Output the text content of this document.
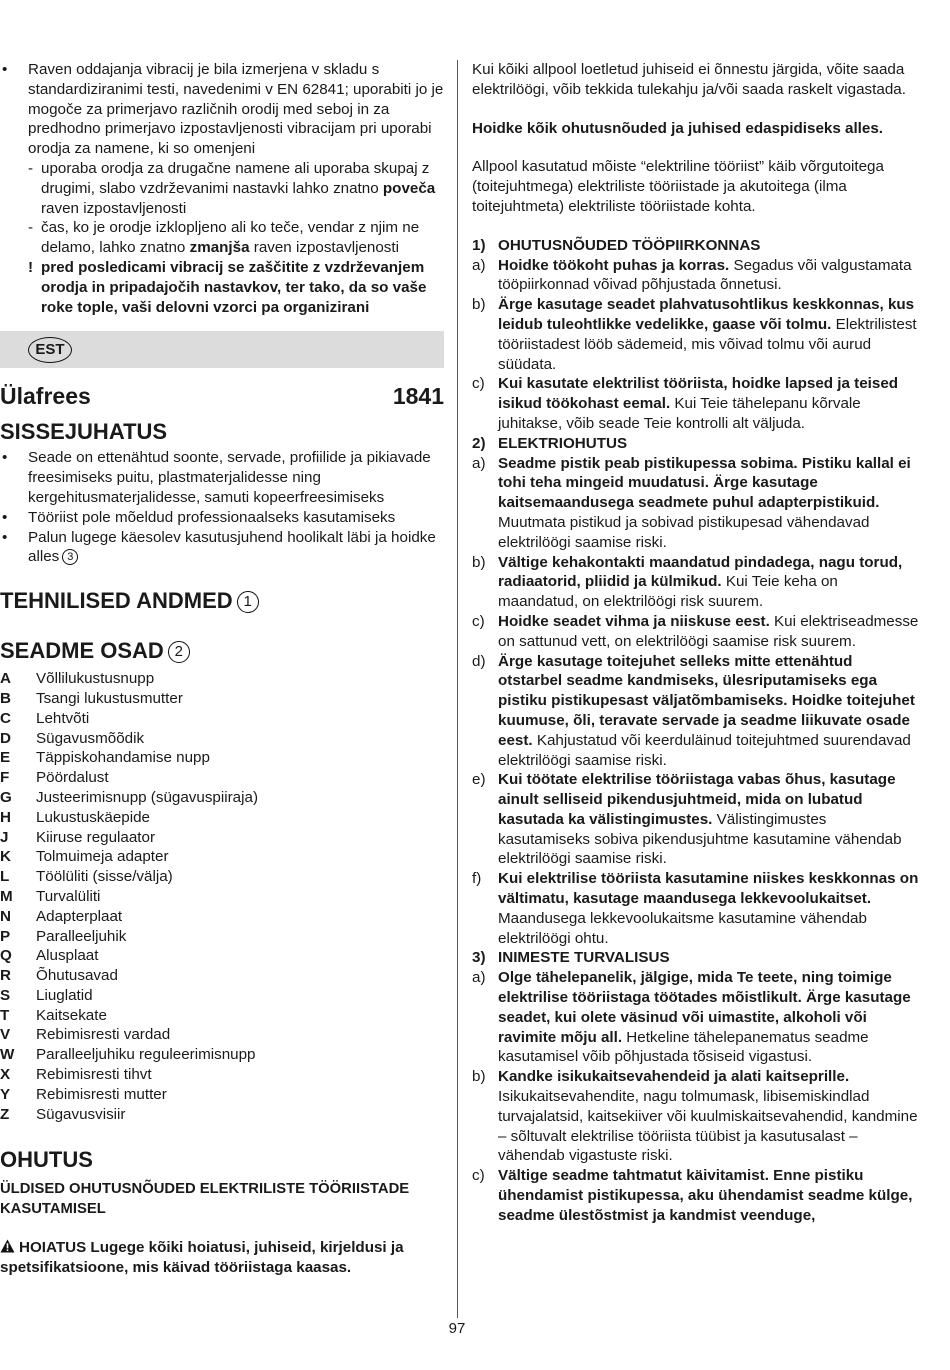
• Raven oddajanja vibracij je bila izmerjena v skladu s standardiziranimi testi, navedenimi v EN 62841; uporabiti jo je mogoče za primerjavo različnih orodij med seboj in za predhodno primerjavo izpostavljenosti vibracijam pri uporabi orodja za namene, ki so omenjeni
- uporaba orodja za drugačne namene ali uporaba skupaj z drugimi, slabo vzdrževanimi nastavki lahko znatno poveča raven izpostavljenosti
- čas, ko je orodje izklopljeno ali ko teče, vendar z njim ne delamo, lahko znatno zmanjša raven izpostavljenosti
! pred posledicami vibracij se zaščitite z vzdrževanjem orodja in pripadajočih nastavkov, ter tako, da so vaše roke tople, vaši delovni vzorci pa organizirani
EST
Ülafrees	1841
SISSEJUHATUS
• Seade on ettenähtud soonte, servade, profiilide ja pikiavade freesimiseks puitu, plastmaterjalidesse ning kergehitusmaterjalidesse, samuti kopeerfreesimiseks
• Tööriist pole mõeldud professionaalseks kasutamiseks
• Palun lugege käesolev kasutusjuhend hoolikalt läbi ja hoidke alles 3
TEHNILISED ANDMED 1
SEADME OSAD 2
A	Võllilukustusnupp
B	Tsangi lukustusmutter
C	Lehtvõti
D	Sügavusmõõdik
E	Täppiskohandamise nupp
F	Pöördalust
G	Justeerimisnupp (sügavuspiiraja)
H	Lukustuskäepide
J	Kiiruse regulaator
K	Tolmuimeja adapter
L	Töölüliti (sisse/välja)
M	Turvalüliti
N	Adapterplaat
P	Paralleeljuhik
Q	Alusplaat
R	Õhutusavad
S	Liuglatid
T	Kaitsekate
V	Rebimisresti vardad
W	Paralleeljuhiku reguleerimisnupp
X	Rebimisresti tihvt
Y	Rebimisresti mutter
Z	Sügavusvisiir
OHUTUS
ÜLDISED OHUTUSNÕUDED ELEKTRILISTE TÖÖRIISTADE KASUTAMISEL
HOIATUS Lugege kõiki hoiatusi, juhiseid, kirjeldusi ja spetsifikatsioone, mis käivad tööriistaga kaasas.
Kui kõiki allpool loetletud juhiseid ei õnnestu järgida, võite saada elektrilöögi, võib tekkida tulekahju ja/või saada raskelt vigastada.
Hoidke kõik ohutusnõuded ja juhised edaspidiseks alles.
Allpool kasutatud mõiste “elektriline tööriist” käib võrgutoitega (toitejuhtmega) elektriliste tööriistade ja akutoitega (ilma toitejuhtmeta) elektriliste tööriistade kohta.
1) OHUTUSNÕUDED TÖÖPIIRKONNAS
a) Hoidke töökoht puhas ja korras. Segadus või valgustamata tööpiirkonnad võivad põhjustada õnnetusi.
b) Ärge kasutage seadet plahvatusohtlikus keskkonnas, kus leidub tuleohtlikke vedelikke, gaase või tolmu. Elektrilistest tööriistadest lööb sädemeid, mis võivad tolmu või aurud süüdata.
c) Kui kasutate elektrilist tööriista, hoidke lapsed ja teised isikud töökohast eemal. Kui Teie tähelepanu kõrvale juhitakse, võib seade Teie kontrolli alt väljuda.
2) ELEKTRIOHUTUS
a) Seadme pistik peab pistikupessa sobima. Pistiku kallal ei tohi teha mingeid muudatusi. Ärge kasutage kaitsemaandusega seadmete puhul adapterpistikuid. Muutmata pistikud ja sobivad pistikupesad vähendavad elektrilöögi saamise riski.
b) Vältige kehakontakti maandatud pindadega, nagu torud, radiaatorid, pliidid ja külmikud. Kui Teie keha on maandatud, on elektrilöögi risk suurem.
c) Hoidke seadet vihma ja niiskuse eest. Kui elektriseadmesse on sattunud vett, on elektrilöögi saamise risk suurem.
d) Ärge kasutage toitejuhet selleks mitte ettenähtud otstarbel seadme kandmiseks, ülesriputamiseks ega pistiku pistikupesast väljatõmbamiseks. Hoidke toitejuhet kuumuse, õli, teravate servade ja seadme liikuvate osade eest. Kahjustatud või keerduläinud toitejuhtmed suurendavad elektrilöögi saamise riski.
e) Kui töötate elektrilise tööriistaga vabas õhus, kasutage ainult selliseid pikendusjuhtmeid, mida on lubatud kasutada ka välistingimustes. Välistingimustes kasutamiseks sobiva pikendusjuhtme kasutamine vähendab elektrilöögi saamise riski.
f) Kui elektrilise tööriista kasutamine niiskes keskkonnas on vältimatu, kasutage maandusega lekkevoolukaitset. Maandusega lekkevoolukaitsme kasutamine vähendab elektrilöögi ohtu.
3) INIMESTE TURVALISUS
a) Olge tähelepanelik, jälgige, mida Te teete, ning toimige elektrilise tööriistaga töötades mõistlikult. Ärge kasutage seadet, kui olete väsinud või uimastite, alkoholi või ravimite mõju all. Hetkeline tähelepanematus seadme kasutamisel võib põhjustada tõsiseid vigastusi.
b) Kandke isikukaitsevahendeid ja alati kaitseprille. Isikukaitsevahendite, nagu tolmumask, libisemiskindlad turvajalatsid, kaitsekiiver või kuulmiskaitsevahendid, kandmine – sõltuvalt elektrilise tööriista tüübist ja kasutusalast – vähendab vigastuste riski.
c) Vältige seadme tahtmatut käivitamist. Enne pistiku ühendamist pistikupessa, aku ühendamist seadme külge, seadme ülestõstmist ja kandmist veenduge,
97
